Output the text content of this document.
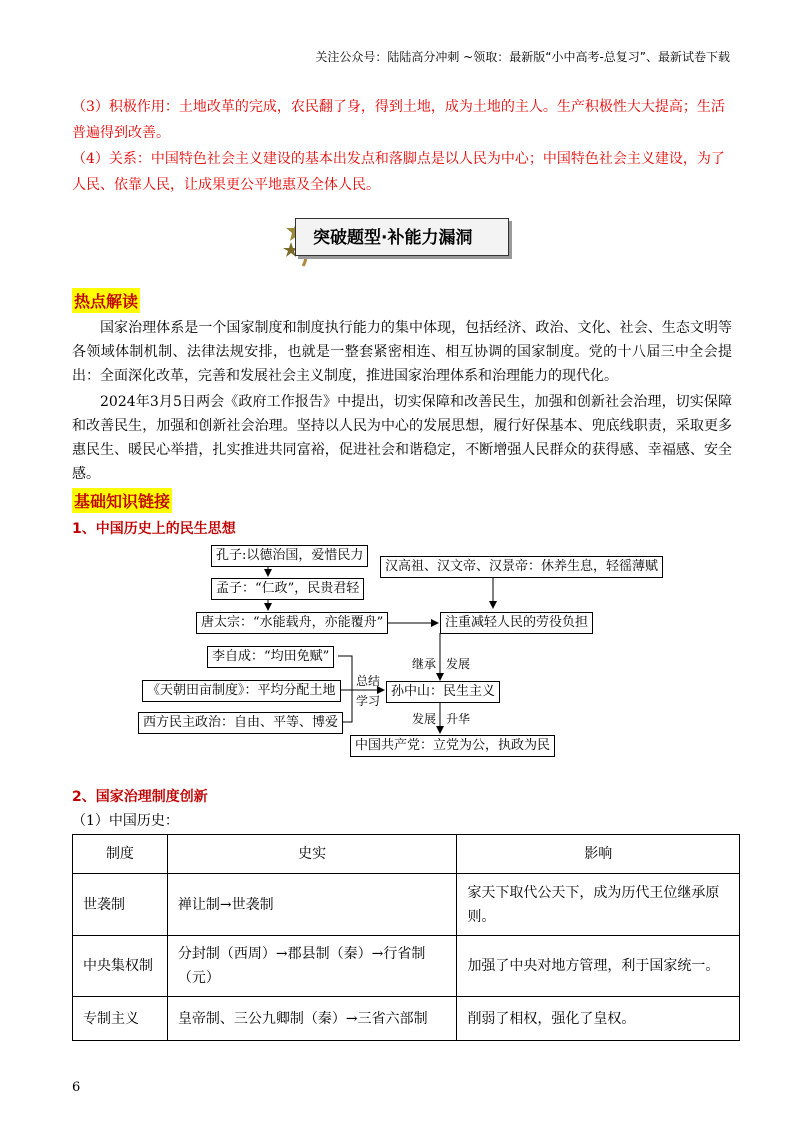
关注公众号：陆陆高分冲刺 ~领取：最新版“小中高考-总复习”、最新试卷下载
（3）积极作用：土地改革的完成，农民翻了身，得到土地，成为土地的主人。生产积极性大大提高；生活普遍得到改善。
（4）关系：中国特色社会主义建设的基本出发点和落脚点是以人民为中心；中国特色社会主义建设，为了人民、依靠人民，让成果更公平地惠及全体人民。
突破题型·补能力漏洞
热点解读
国家治理体系是一个国家制度和制度执行能力的集中体现，包括经济、政治、文化、社会、生态文明等各领域体制机制、法律法规安排，也就是一整套紧密相连、相互协调的国家制度。党的十八届三中全会提出：全面深化改革，完善和发展社会主义制度，推进国家治理体系和治理能力的现代化。
2024年3月5日两会《政府工作报告》中提出，切实保障和改善民生，加强和创新社会治理，切实保障和改善民生，加强和创新社会治理。坚持以人民为中心的发展思想，履行好保基本、兜底线职责，采取更多惠民生、暖民心举措，扎实推进共同富裕，促进社会和谐稳定，不断增强人民群众的获得感、幸福感、安全感。
基础知识链接
1、中国历史上的民生思想
孔子:以德治国，爱惜民力
孟子：“仁政”，民贵君轻
唐太宗：“水能载舟，亦能覆舟”
汉高祖、汉文帝、汉景帝：休养生息，轻徭薄赋
注重减轻人民的劳役负担
李自成：“均田免赋”
《天朝田亩制度》：平均分配土地
西方民主政治：自由、平等、博爱
孙中山：民生主义
中国共产党：立党为公，执政为民
继承 发展
总结
学习
发展 升华
2、国家治理制度创新
（1）中国历史：
制度	史实	影响
世袭制	禅让制→世袭制	家天下取代公天下，成为历代王位继承原则。
中央集权制	分封制（西周）→郡县制（秦）→行省制（元）	加强了中央对地方管理，利于国家统一。
专制主义	皇帝制、三公九卿制（秦）→三省六部制	削弱了相权，强化了皇权。
6
